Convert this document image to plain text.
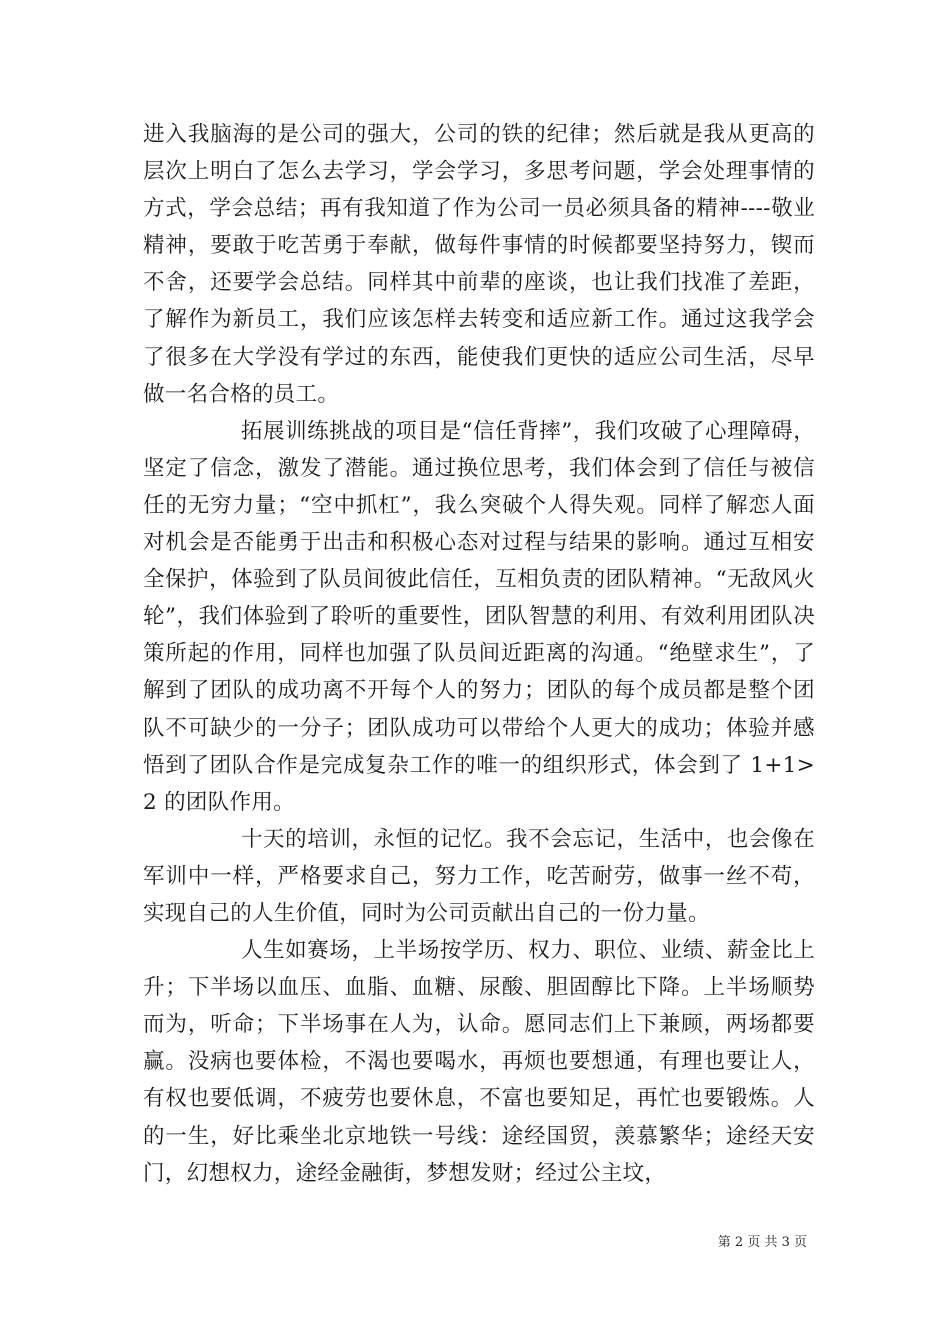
进入我脑海的是公司的强大，公司的铁的纪律；然后就是我从更高的层次上明白了怎么去学习，学会学习，多思考问题，学会处理事情的方式，学会总结；再有我知道了作为公司一员必须具备的精神----敬业精神，要敢于吃苦勇于奉献，做每件事情的时候都要坚持努力，锲而不舍，还要学会总结。同样其中前辈的座谈，也让我们找准了差距，了解作为新员工，我们应该怎样去转变和适应新工作。通过这我学会了很多在大学没有学过的东西，能使我们更快的适应公司生活，尽早做一名合格的员工。

拓展训练挑战的项目是“信任背摔”，我们攻破了心理障碍，坚定了信念，激发了潜能。通过换位思考，我们体会到了信任与被信任的无穷力量；“空中抓杠”，我么突破个人得失观。同样了解恋人面对机会是否能勇于出击和积极心态对过程与结果的影响。通过互相安全保护，体验到了队员间彼此信任，互相负责的团队精神。“无敌风火轮”，我们体验到了聆听的重要性，团队智慧的利用、有效利用团队决策所起的作用，同样也加强了队员间近距离的沟通。“绝壁求生”，了解到了团队的成功离不开每个人的努力；团队的每个成员都是整个团队不可缺少的一分子；团队成功可以带给个人更大的成功；体验并感悟到了团队合作是完成复杂工作的唯一的组织形式，体会到了 1+1>2 的团队作用。

十天的培训，永恒的记忆。我不会忘记，生活中，也会像在军训中一样，严格要求自己，努力工作，吃苦耐劳，做事一丝不苟，实现自己的人生价值，同时为公司贡献出自己的一份力量。

人生如赛场，上半场按学历、权力、职位、业绩、薪金比上升；下半场以血压、血脂、血糖、尿酸、胆固醇比下降。上半场顺势而为，听命；下半场事在人为，认命。愿同志们上下兼顾，两场都要赢。没病也要体检，不渴也要喝水，再烦也要想通，有理也要让人，有权也要低调，不疲劳也要休息，不富也要知足，再忙也要锻炼。人的一生，好比乘坐北京地铁一号线：途经国贸，羡慕繁华；途经天安门，幻想权力，途经金融街，梦想发财；经过公主坟，

第 2 页 共 3 页
